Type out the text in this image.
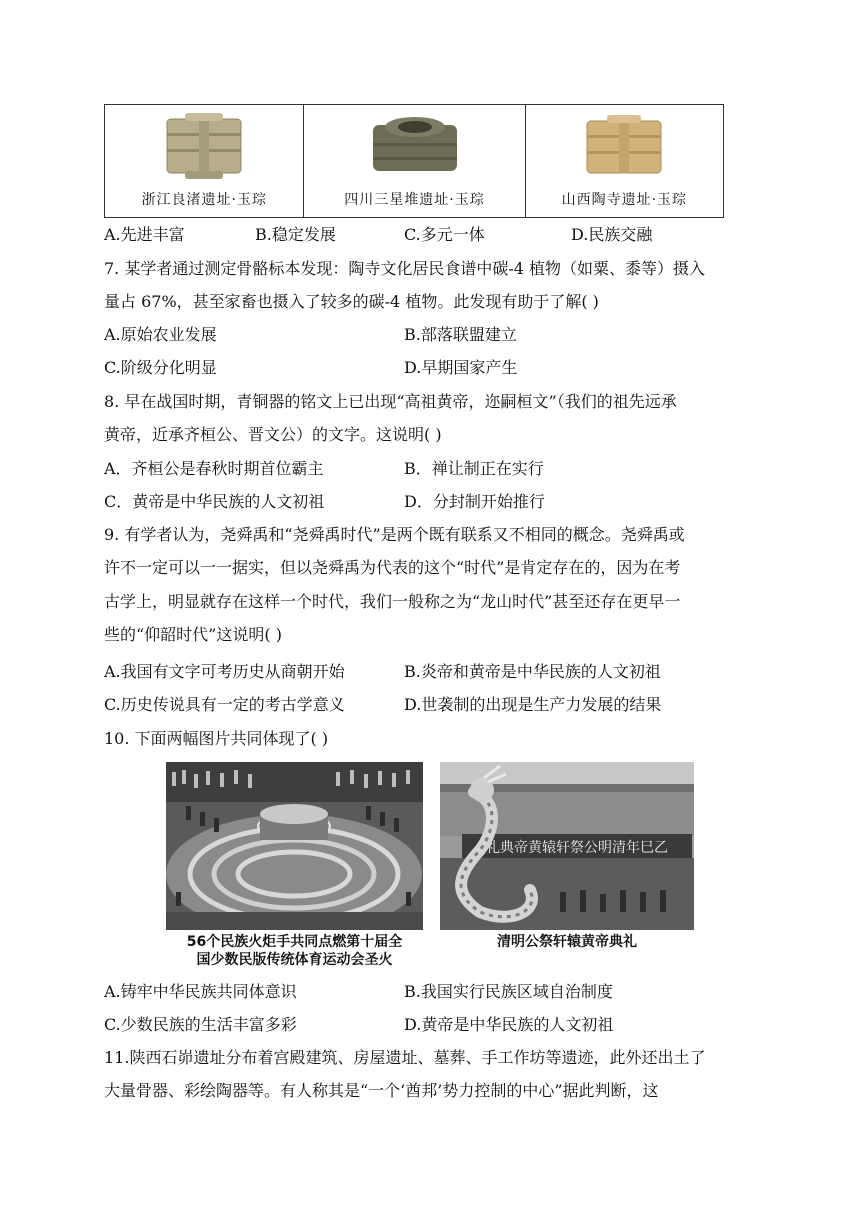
浙江良渚遗址·玉琮	四川三星堆遗址·玉琮	山西陶寺遗址·玉琮
A.先进丰富	B.稳定发展	C.多元一体	D.民族交融
7. 某学者通过测定骨骼标本发现：陶寺文化居民食谱中碳-4 植物（如粟、黍等）摄入
量占 67%，甚至家畜也摄入了较多的碳-4 植物。此发现有助于了解( )
A.原始农业发展	B.部落联盟建立
C.阶级分化明显	D.早期国家产生
8. 早在战国时期，青铜器的铭文上已出现“高祖黄帝，迩嗣桓文”（我们的祖先远承
黄帝，近承齐桓公、晋文公）的文字。这说明( )
A．齐桓公是春秋时期首位霸主	B．禅让制正在实行
C．黄帝是中华民族的人文初祖	D．分封制开始推行
9. 有学者认为，尧舜禹和“尧舜禹时代”是两个既有联系又不相同的概念。尧舜禹或
许不一定可以一一据实，但以尧舜禹为代表的这个“时代”是肯定存在的，因为在考
古学上，明显就存在这样一个时代，我们一般称之为“龙山时代”甚至还存在更早一
些的“仰韶时代”这说明( )
A.我国有文字可考历史从商朝开始	B.炎帝和黄帝是中华民族的人文初祖
C.历史传说具有一定的考古学意义	D.世袭制的出现是生产力发展的结果
10. 下面两幅图片共同体现了( )
56个民族火炬手共同点燃第十届全
国少数民版传统体育运动会圣火
礼典帝黄辕轩祭公明清年巳乙
清明公祭轩辕黄帝典礼
A.铸牢中华民族共同体意识	B.我国实行民族区域自治制度
C.少数民族的生活丰富多彩	D.黄帝是中华民族的人文初祖
11.陕西石峁遗址分布着宫殿建筑、房屋遗址、墓葬、手工作坊等遗迹，此外还出土了
大量骨器、彩绘陶器等。有人称其是“一个‘酋邦’势力控制的中心”据此判断，这
